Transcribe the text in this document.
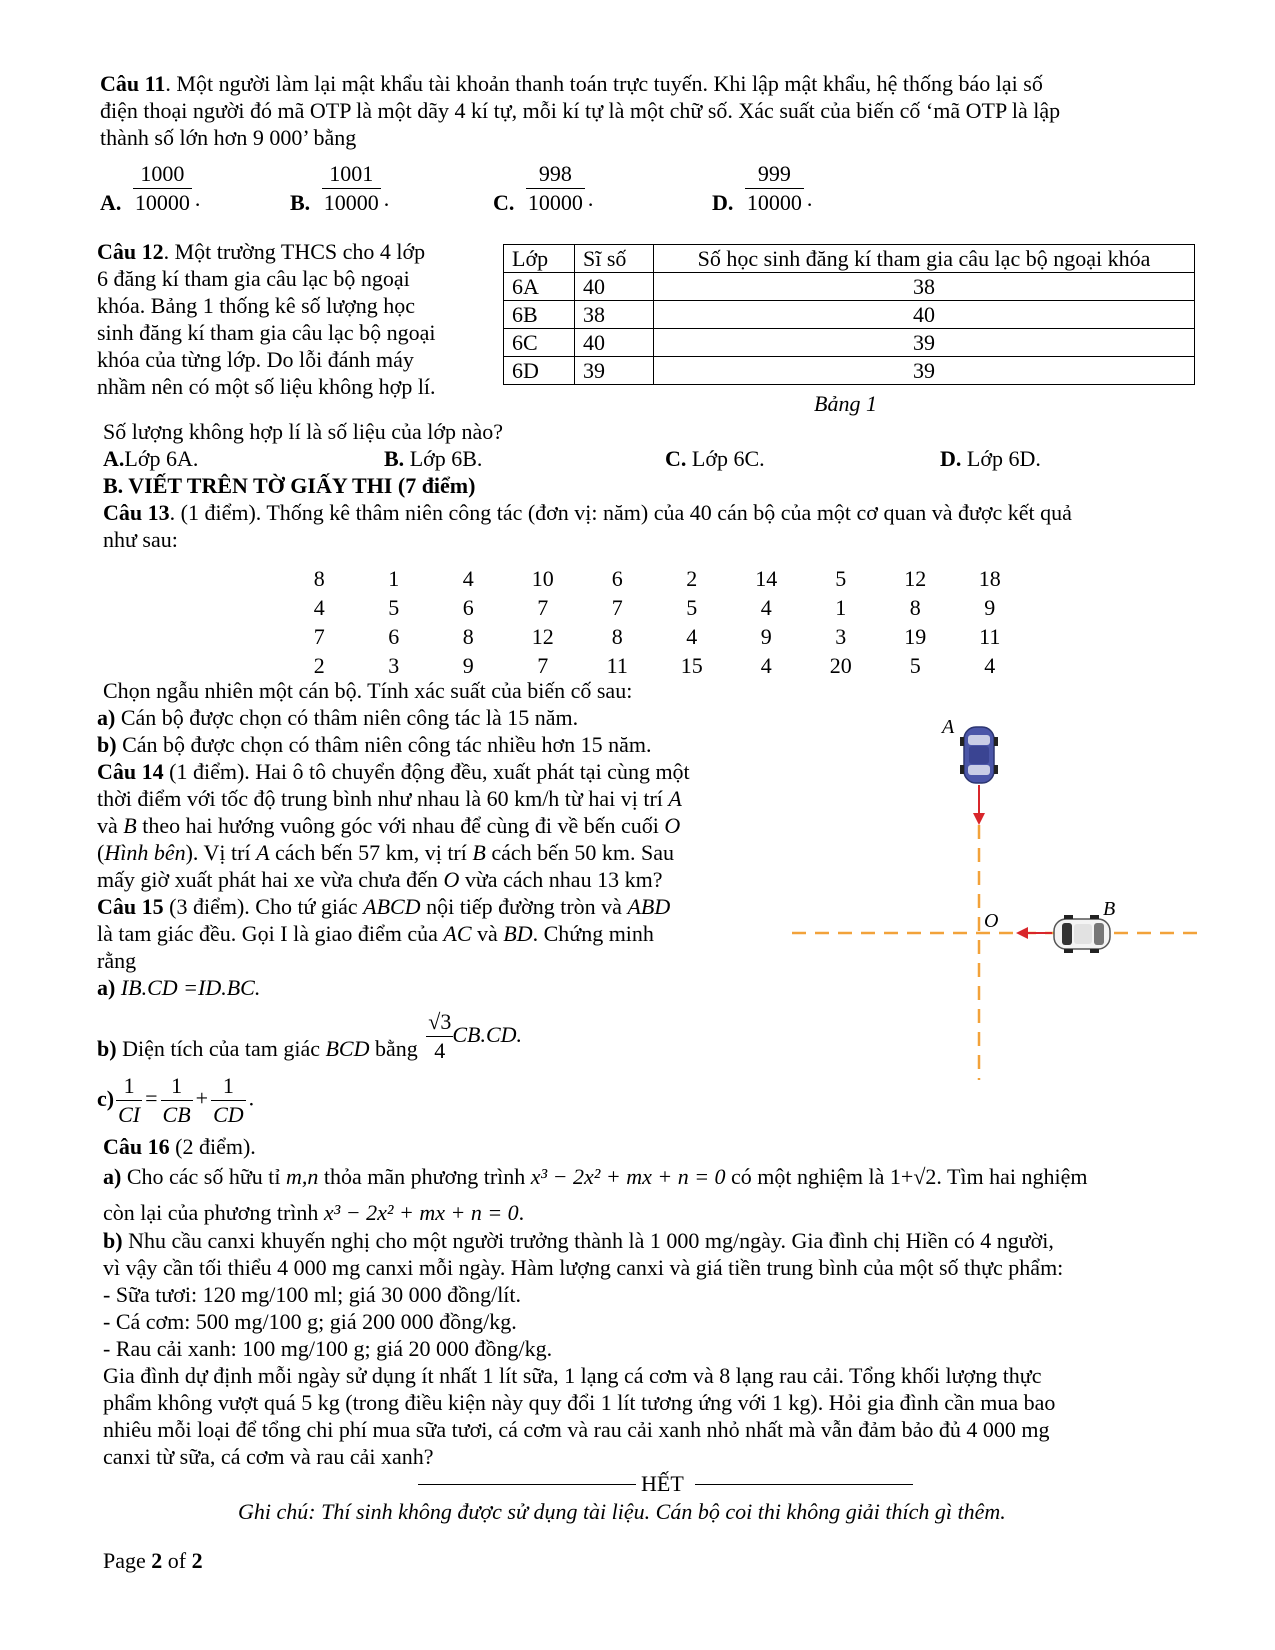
Câu 11. Một người làm lại mật khẩu tài khoản thanh toán trực tuyến. Khi lập mật khẩu, hệ thống báo lại số
điện thoại người đó mã OTP là một dãy 4 kí tự, mỗi kí tự là một chữ số. Xác suất của biến cố ‘mã OTP là lập
thành số lớn hơn 9 000’ bằng
A. $\frac{1000}{10000}$ .	B. $\frac{1001}{10000}$ .	C. $\frac{998}{10000}$ .	D. $\frac{999}{10000}$ .
Câu 12. Một trường THCS cho 4 lớp
6 đăng kí tham gia câu lạc bộ ngoại
khóa. Bảng 1 thống kê số lượng học
sinh đăng kí tham gia câu lạc bộ ngoại
khóa của từng lớp. Do lỗi đánh máy
nhầm nên có một số liệu không hợp lí.
Lớp	Sĩ số	Số học sinh đăng kí tham gia câu lạc bộ ngoại khóa
6A	40	38
6B	38	40
6C	40	39
6D	39	39
Bảng 1
Số lượng không hợp lí là số liệu của lớp nào?
A.Lớp 6A.	B. Lớp 6B.	C. Lớp 6C.	D. Lớp 6D.
B. VIẾT TRÊN TỜ GIẤY THI (7 điểm)
Câu 13. (1 điểm). Thống kê thâm niên công tác (đơn vị: năm) của 40 cán bộ của một cơ quan và được kết quả
như sau:
8	1	4	10	6	2	14	5	12	18
4	5	6	7	7	5	4	1	8	9
7	6	8	12	8	4	9	3	19	11
2	3	9	7	11	15	4	20	5	4
Chọn ngẫu nhiên một cán bộ. Tính xác suất của biến cố sau:
a) Cán bộ được chọn có thâm niên công tác là 15 năm.
b) Cán bộ được chọn có thâm niên công tác nhiều hơn 15 năm.
Câu 14 (1 điểm). Hai ô tô chuyển động đều, xuất phát tại cùng một
thời điểm với tốc độ trung bình như nhau là 60 km/h từ hai vị trí A
và B theo hai hướng vuông góc với nhau để cùng đi về bến cuối O
(Hình bên). Vị trí A cách bến 57 km, vị trí B cách bến 50 km. Sau
mấy giờ xuất phát hai xe vừa chưa đến O vừa cách nhau 13 km?
Câu 15 (3 điểm). Cho tứ giác ABCD nội tiếp đường tròn và ABD
là tam giác đều. Gọi I là giao điểm của AC và BD. Chứng minh
rằng
a) IB.CD =ID.BC.
b) Diện tích của tam giác BCD bằng $\frac{√3}{4} CB.CD$.
$c) \frac{1}{CI} = \frac{1}{CB} + \frac{1}{CD}$ .
Câu 16 (2 điểm).
a) Cho các số hữu tỉ m,n thỏa mãn phương trình x³ − 2x² + mx + n = 0 có một nghiệm là 1+√2. Tìm hai nghiệm
còn lại của phương trình x³ − 2x² + mx + n = 0.
b) Nhu cầu canxi khuyến nghị cho một người trưởng thành là 1 000 mg/ngày. Gia đình chị Hiền có 4 người,
vì vậy cần tối thiểu 4 000 mg canxi mỗi ngày. Hàm lượng canxi và giá tiền trung bình của một số thực phẩm:
- Sữa tươi: 120 mg/100 ml; giá 30 000 đồng/lít.
- Cá cơm: 500 mg/100 g; giá 200 000 đồng/kg.
- Rau cải xanh: 100 mg/100 g; giá 20 000 đồng/kg.
Gia đình dự định mỗi ngày sử dụng ít nhất 1 lít sữa, 1 lạng cá cơm và 8 lạng rau cải. Tổng khối lượng thực
phẩm không vượt quá 5 kg (trong điều kiện này quy đổi 1 lít tương ứng với 1 kg). Hỏi gia đình cần mua bao
nhiêu mỗi loại để tổng chi phí mua sữa tươi, cá cơm và rau cải xanh nhỏ nhất mà vẫn đảm bảo đủ 4 000 mg
canxi từ sữa, cá cơm và rau cải xanh?
HẾT
Ghi chú: Thí sinh không được sử dụng tài liệu. Cán bộ coi thi không giải thích gì thêm.
Page 2 of 2
A
B
O
